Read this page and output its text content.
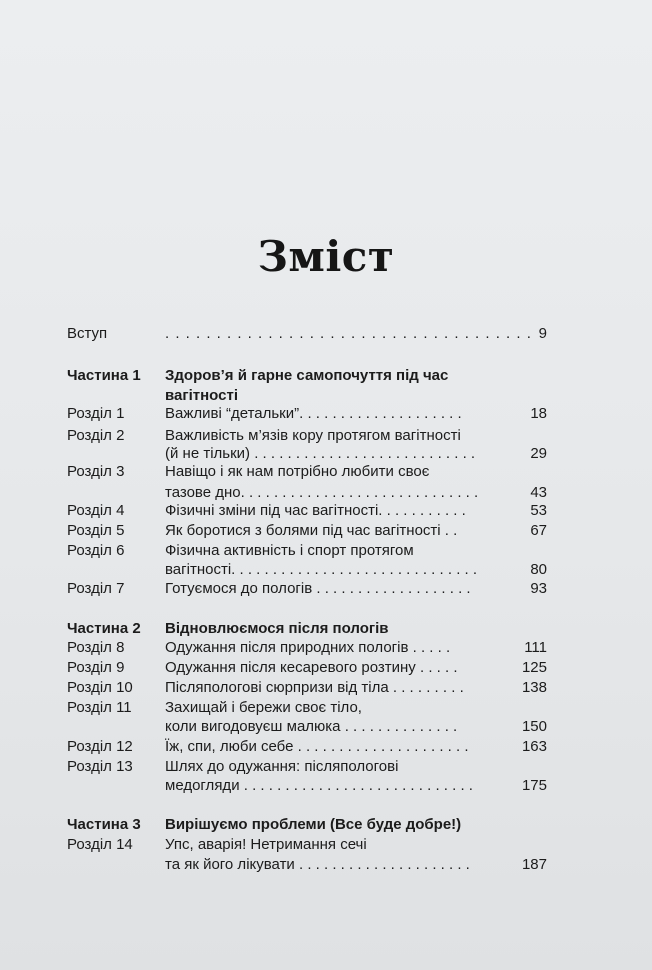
Зміст
Вступ	. . . . . . . . . . . . . . . . . . . . . . . . . . . . . . . . . . . . 9
Частина 1 Здоров’я й гарне самопочуття під час
вагітності
Розділ 1	Важливі “детальки”. . . . . . . . . . . . . . . . . . . .	18
Розділ 2	Важливість м’язів кору протягом вагітності
(й не тільки) . . . . . . . . . . . . . . . . . . . . . . . . . . .	29
Розділ 3	Навіщо і як нам потрібно любити своє
тазове дно. . . . . . . . . . . . . . . . . . . . . . . . . . . . .	43
Розділ 4	Фізичні зміни під час вагітності. . . . . . . . . . .	53
Розділ 5	Як боротися з болями під час вагітності . .	67
Розділ 6	Фізична активність і спорт протягом
вагітності. . . . . . . . . . . . . . . . . . . . . . . . . . . . . .	80
Розділ 7	Готуємося до пологів . . . . . . . . . . . . . . . . . . .	93
Частина 2 Відновлюємося після пологів
Розділ 8	Одужання після природних пологів . . . . .	111
Розділ 9	Одужання після кесаревого розтину . . . . .	125
Розділ 10 Післяпологові сюрпризи від тіла . . . . . . . . .	138
Розділ 11 Захищай і бережи своє тіло,
коли вигодовуєш малюка . . . . . . . . . . . . . .	150
Розділ 12 Їж, спи, люби себе . . . . . . . . . . . . . . . . . . . . .	163
Розділ 13 Шлях до одужання: післяпологові
медогляди . . . . . . . . . . . . . . . . . . . . . . . . . . . .	175
Частина 3 Вирішуємо проблеми (Все буде добре!)
Розділ 14 Упс, аварія! Нетримання сечі
та як його лікувати . . . . . . . . . . . . . . . . . . . . .	187
